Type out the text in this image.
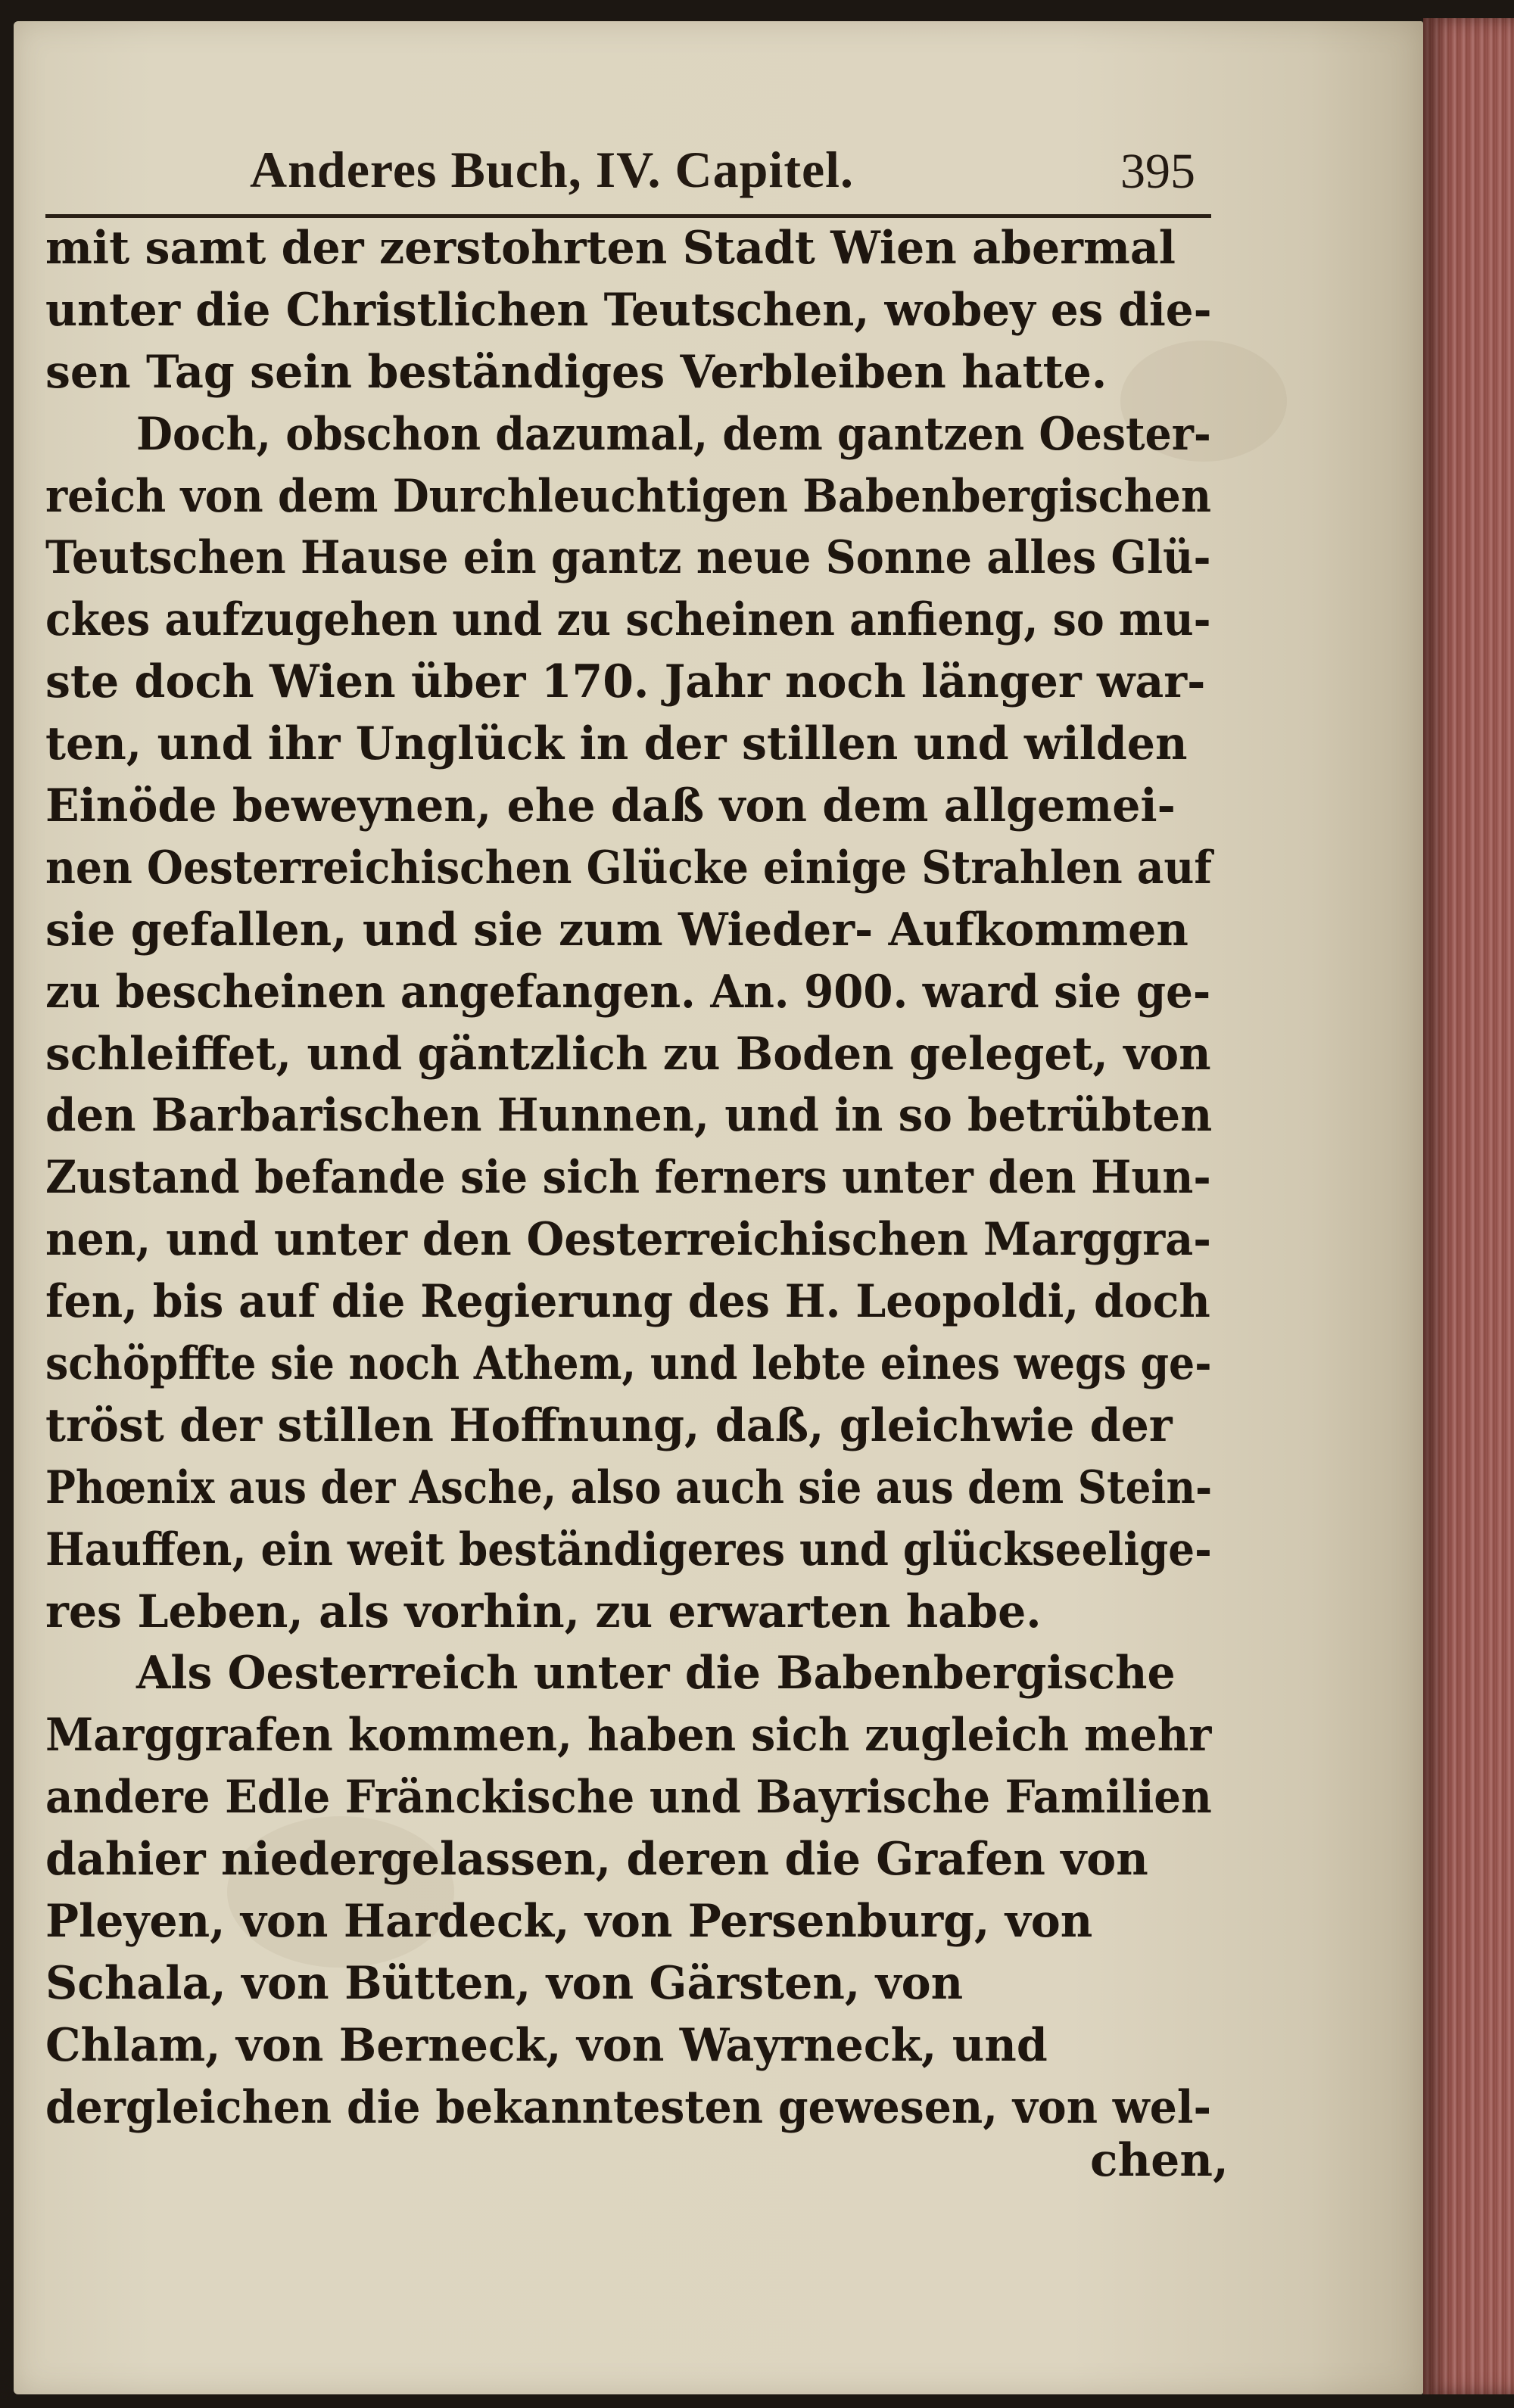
Anderes Buch, IV. Capitel.	395
mit samt der zerstohrten Stadt Wien abermal
unter die Christlichen Teutschen, wobey es die-
sen Tag sein beständiges Verbleiben hatte.
Doch, obschon dazumal, dem gantzen Oester-
reich von dem Durchleuchtigen Babenbergischen
Teutschen Hause ein gantz neue Sonne alles Glü-
ckes aufzugehen und zu scheinen anfieng, so mu-
ste doch Wien über 170. Jahr noch länger war-
ten, und ihr Unglück in der stillen und wilden
Einöde beweynen, ehe daß von dem allgemei-
nen Oesterreichischen Glücke einige Strahlen auf
sie gefallen, und sie zum Wieder- Aufkommen
zu bescheinen angefangen. An. 900. ward sie ge-
schleiffet, und gäntzlich zu Boden geleget, von
den Barbarischen Hunnen, und in so betrübten
Zustand befande sie sich ferners unter den Hun-
nen, und unter den Oesterreichischen Marggra-
fen, bis auf die Regierung des H. Leopoldi, doch
schöpffte sie noch Athem, und lebte eines wegs ge-
tröst der stillen Hoffnung, daß, gleichwie der
Phœnix aus der Asche, also auch sie aus dem Stein-
Hauffen, ein weit beständigeres und glückseelige-
res Leben, als vorhin, zu erwarten habe.
Als Oesterreich unter die Babenbergische
Marggrafen kommen, haben sich zugleich mehr
andere Edle Fränckische und Bayrische Familien
dahier niedergelassen, deren die Grafen von
Pleyen, von Hardeck, von Persenburg, von
Schala, von Bütten, von Gärsten, von
Chlam, von Berneck, von Wayrneck, und
dergleichen die bekanntesten gewesen, von wel-
chen,
